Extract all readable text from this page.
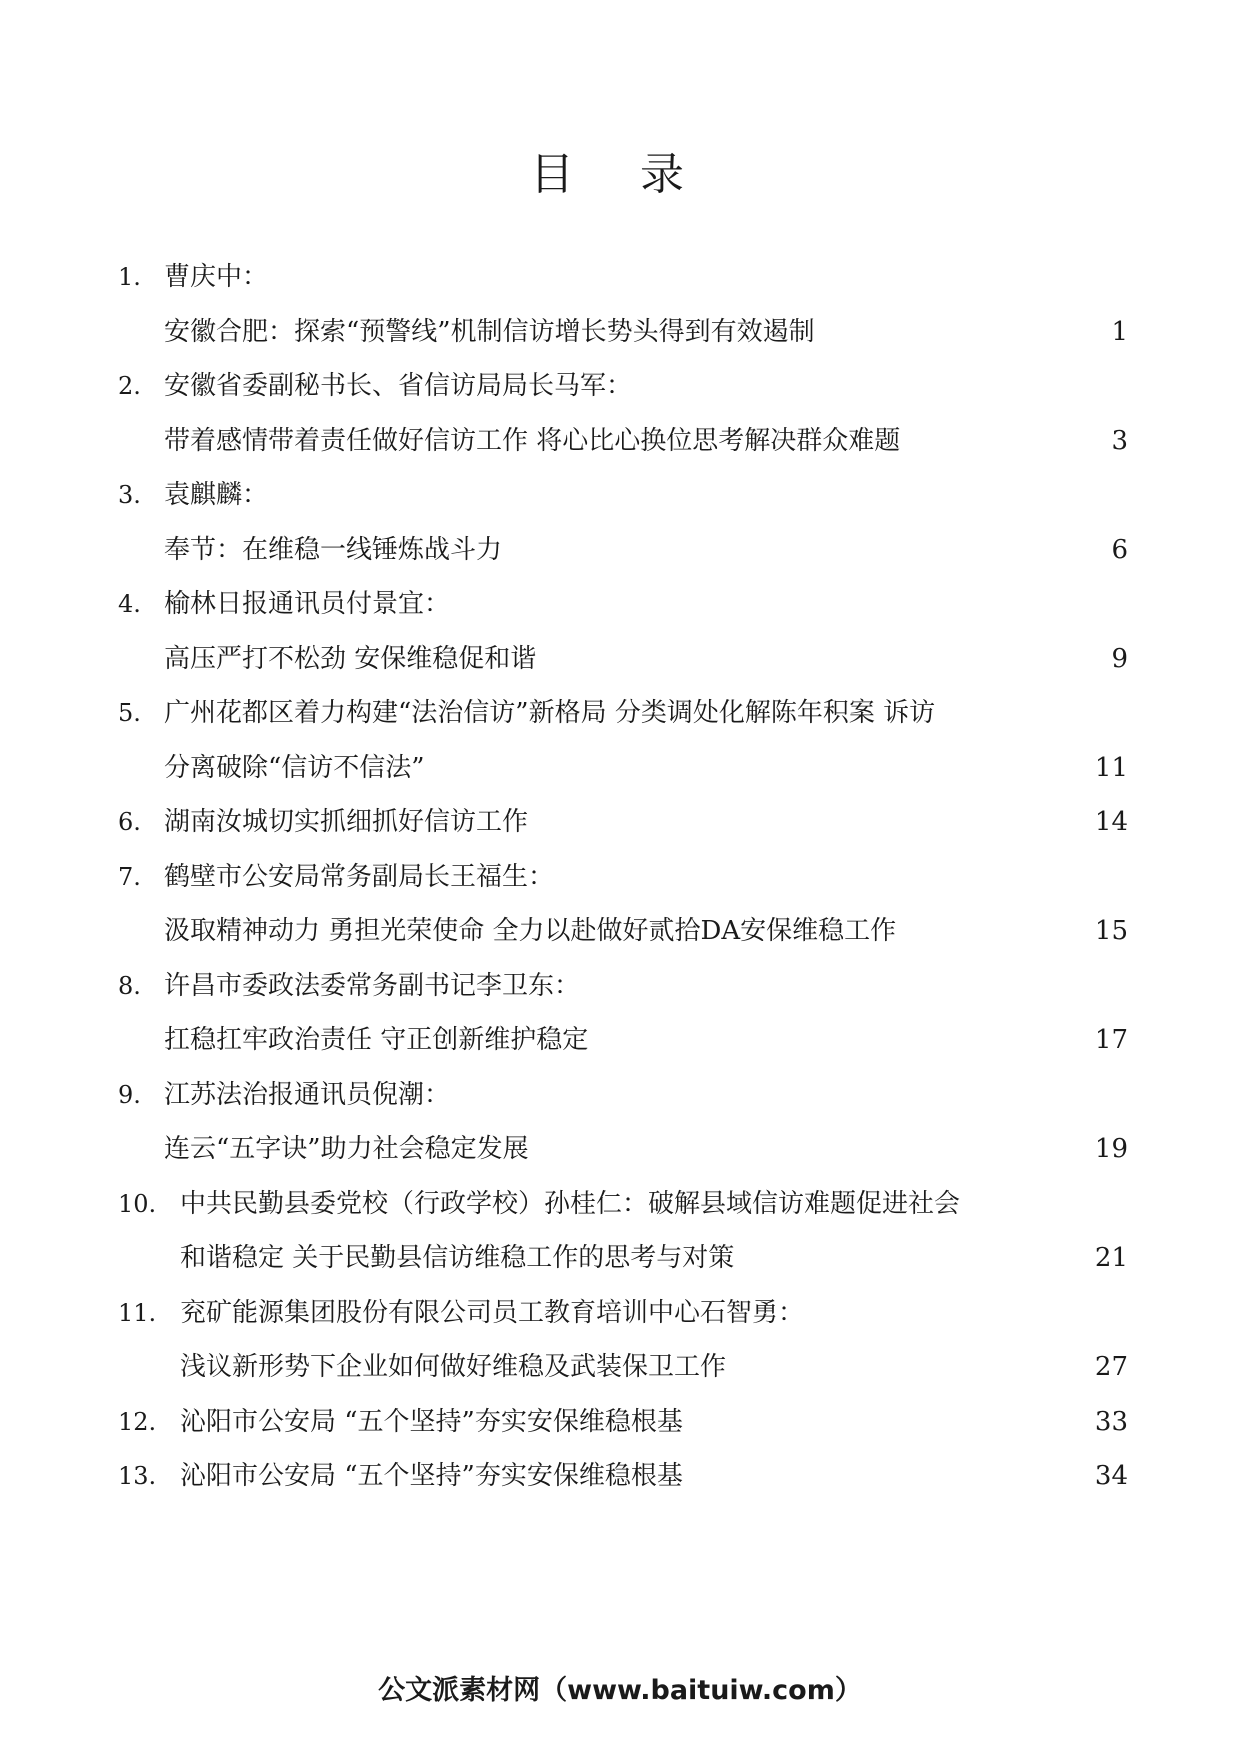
目 录
1. 曹庆中：
安徽合肥：探索“预警线”机制信访增长势头得到有效遏制	1
2. 安徽省委副秘书长、省信访局局长马军：
带着感情带着责任做好信访工作 将心比心换位思考解决群众难题	3
3. 袁麒麟：
奉节：在维稳一线锤炼战斗力	6
4. 榆林日报通讯员付景宜：
高压严打不松劲 安保维稳促和谐	9
5. 广州花都区着力构建“法治信访”新格局 分类调处化解陈年积案 诉访
分离破除“信访不信法”	11
6. 湖南汝城切实抓细抓好信访工作	14
7. 鹤壁市公安局常务副局长王福生：
汲取精神动力 勇担光荣使命 全力以赴做好贰拾DA安保维稳工作	15
8. 许昌市委政法委常务副书记李卫东：
扛稳扛牢政治责任 守正创新维护稳定	17
9. 江苏法治报通讯员倪潮：
连云“五字诀”助力社会稳定发展	19
10. 中共民勤县委党校（行政学校）孙桂仁：破解县域信访难题促进社会
和谐稳定 关于民勤县信访维稳工作的思考与对策	21
11. 兖矿能源集团股份有限公司员工教育培训中心石智勇：
浅议新形势下企业如何做好维稳及武装保卫工作	27
12. 沁阳市公安局 “五个坚持”夯实安保维稳根基	33
13. 沁阳市公安局 “五个坚持”夯实安保维稳根基	34
公文派素材网（www.baituiw.com）
